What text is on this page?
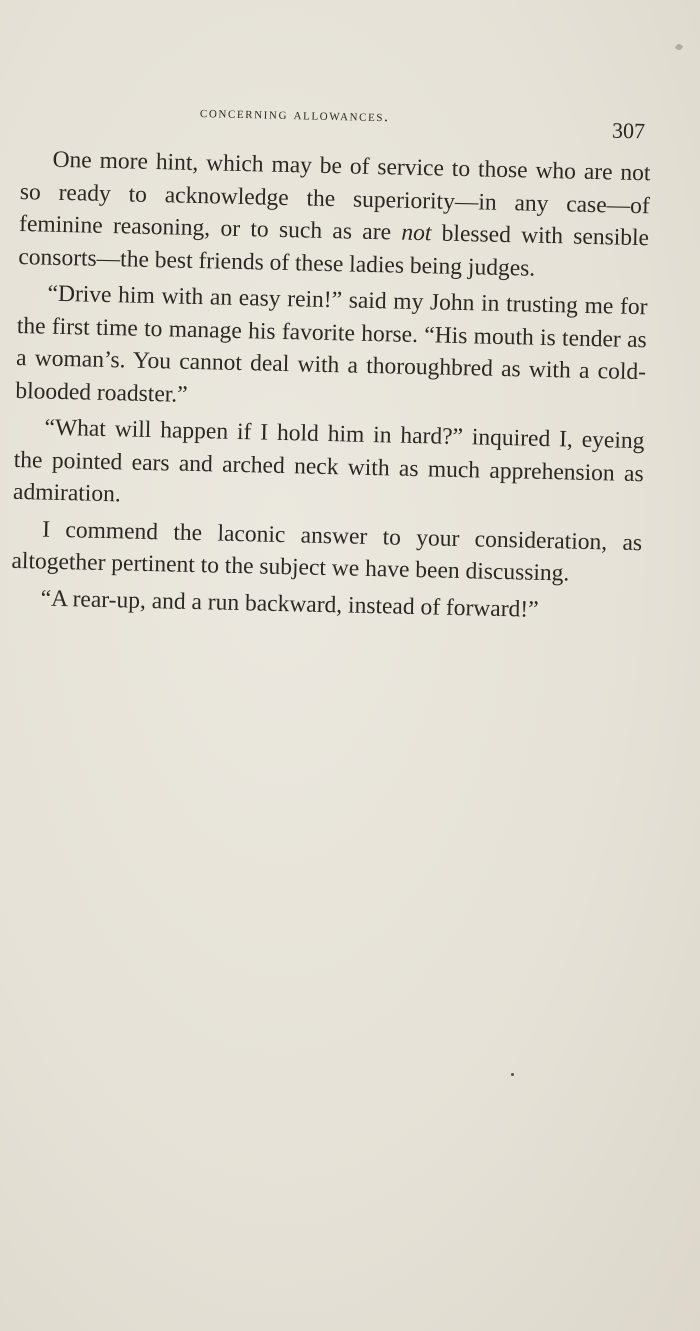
concerning allowances.
307

One more hint, which may be of service to those who are not so ready to acknowledge the superiority—in any case—of feminine reasoning, or to such as are not blessed with sensible consorts—the best friends of these ladies being judges.

“Drive him with an easy rein!” said my John in trusting me for the first time to manage his favorite horse. “His mouth is tender as a woman’s. You cannot deal with a thoroughbred as with a cold-blooded roadster.”

“What will happen if I hold him in hard?” inquired I, eyeing the pointed ears and arched neck with as much apprehension as admiration.

I commend the laconic answer to your consideration, as altogether pertinent to the subject we have been discussing.

“A rear-up, and a run backward, instead of forward!”
